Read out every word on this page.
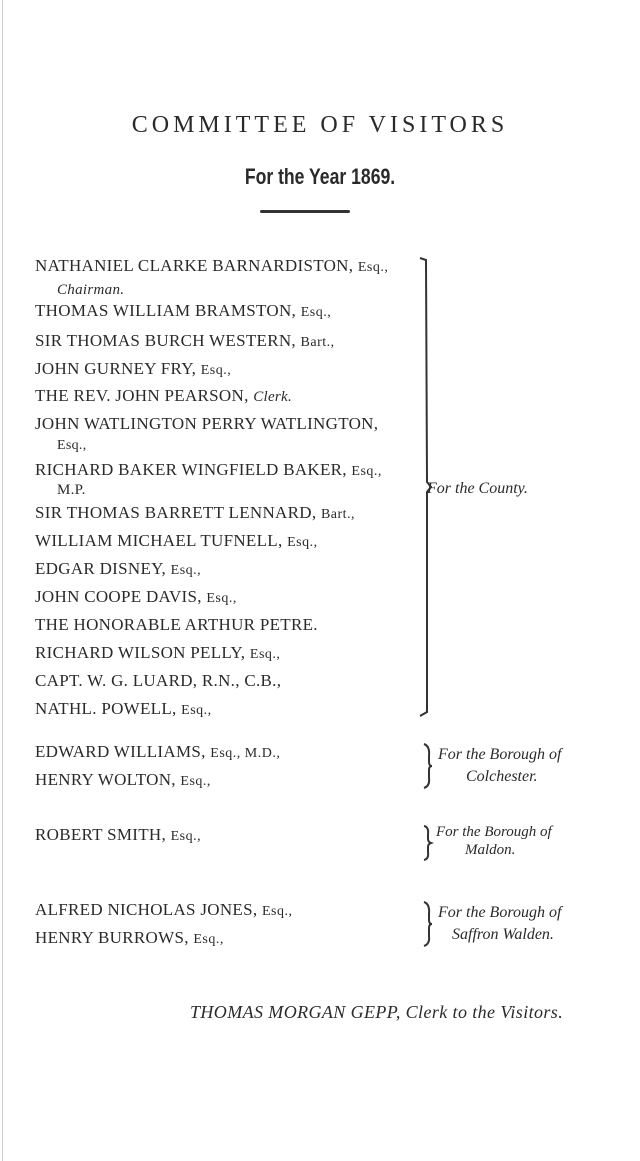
COMMITTEE OF VISITORS
For the Year 1869.
NATHANIEL CLARKE BARNARDISTON, Esq.,
Chairman.
THOMAS WILLIAM BRAMSTON, Esq.,
SIR THOMAS BURCH WESTERN, Bart.,
JOHN GURNEY FRY, Esq.,
THE REV. JOHN PEARSON, Clerk.
JOHN WATLINGTON PERRY WATLINGTON,
Esq.,
RICHARD BAKER WINGFIELD BAKER, Esq.,
M.P.
SIR THOMAS BARRETT LENNARD, Bart.,
WILLIAM MICHAEL TUFNELL, Esq.,
EDGAR DISNEY, Esq.,
JOHN COOPE DAVIS, Esq.,
THE HONORABLE ARTHUR PETRE.
RICHARD WILSON PELLY, Esq.,
CAPT. W. G. LUARD, R.N., C.B.,
NATHL. POWELL, Esq.,
For the County.
EDWARD WILLIAMS, Esq., M.D.,
HENRY WOLTON, Esq.,
For the Borough of
Colchester.
ROBERT SMITH, Esq.,	For the Borough of
Maldon.
ALFRED NICHOLAS JONES, Esq.,
HENRY BURROWS, Esq.,
For the Borough of
Saffron Walden.
THOMAS MORGAN GEPP, Clerk to the Visitors.
